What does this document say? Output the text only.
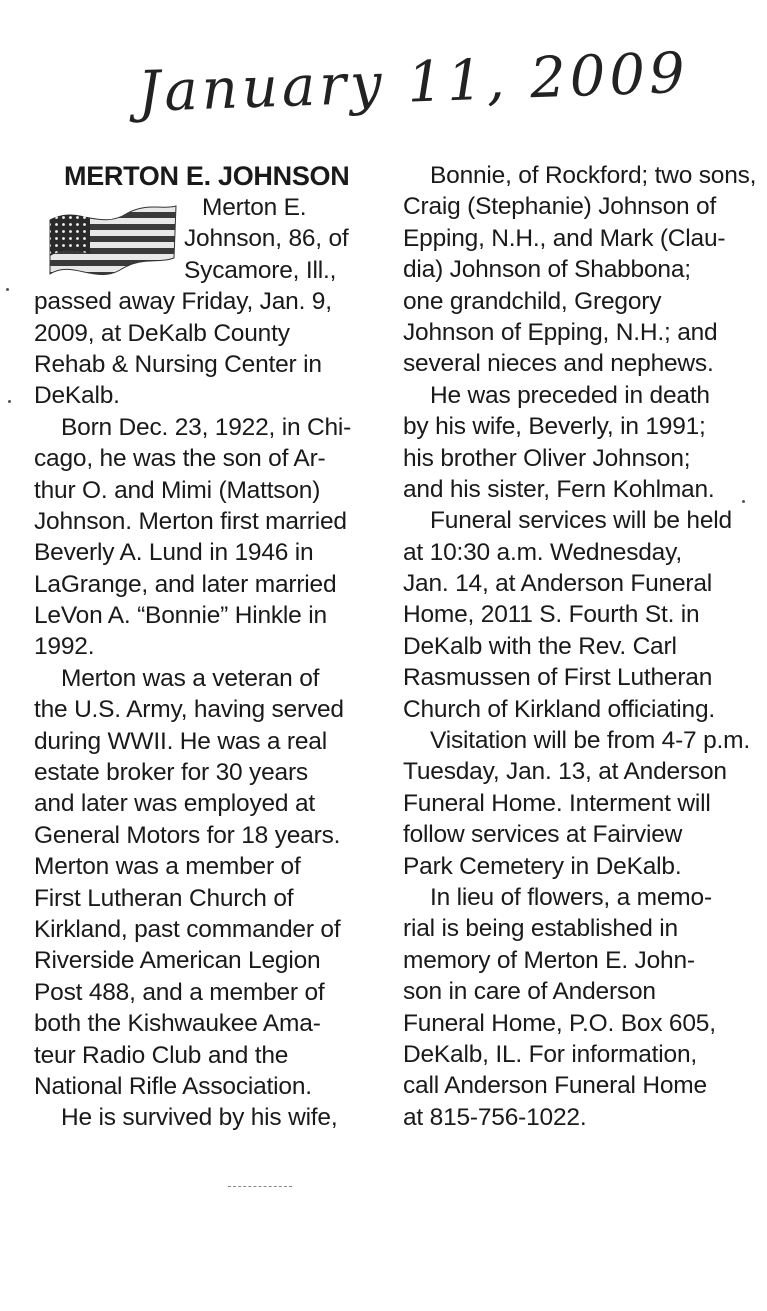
January 11, 2009
MERTON E. JOHNSON
Merton E.
Johnson, 86, of
Sycamore, Ill.,
passed away Friday, Jan. 9,
2009, at DeKalb County
Rehab & Nursing Center in
DeKalb.
Born Dec. 23, 1922, in Chi-
cago, he was the son of Ar-
thur O. and Mimi (Mattson)
Johnson. Merton first married
Beverly A. Lund in 1946 in
LaGrange, and later married
LeVon A. “Bonnie” Hinkle in
1992.
Merton was a veteran of
the U.S. Army, having served
during WWII. He was a real
estate broker for 30 years
and later was employed at
General Motors for 18 years.
Merton was a member of
First Lutheran Church of
Kirkland, past commander of
Riverside American Legion
Post 488, and a member of
both the Kishwaukee Ama-
teur Radio Club and the
National Rifle Association.
He is survived by his wife,
Bonnie, of Rockford; two sons,
Craig (Stephanie) Johnson of
Epping, N.H., and Mark (Clau-
dia) Johnson of Shabbona;
one grandchild, Gregory
Johnson of Epping, N.H.; and
several nieces and nephews.
He was preceded in death
by his wife, Beverly, in 1991;
his brother Oliver Johnson;
and his sister, Fern Kohlman.
Funeral services will be held
at 10:30 a.m. Wednesday,
Jan. 14, at Anderson Funeral
Home, 2011 S. Fourth St. in
DeKalb with the Rev. Carl
Rasmussen of First Lutheran
Church of Kirkland officiating.
Visitation will be from 4-7 p.m.
Tuesday, Jan. 13, at Anderson
Funeral Home. Interment will
follow services at Fairview
Park Cemetery in DeKalb.
In lieu of flowers, a memo-
rial is being established in
memory of Merton E. John-
son in care of Anderson
Funeral Home, P.O. Box 605,
DeKalb, IL. For information,
call Anderson Funeral Home
at 815-756-1022.
